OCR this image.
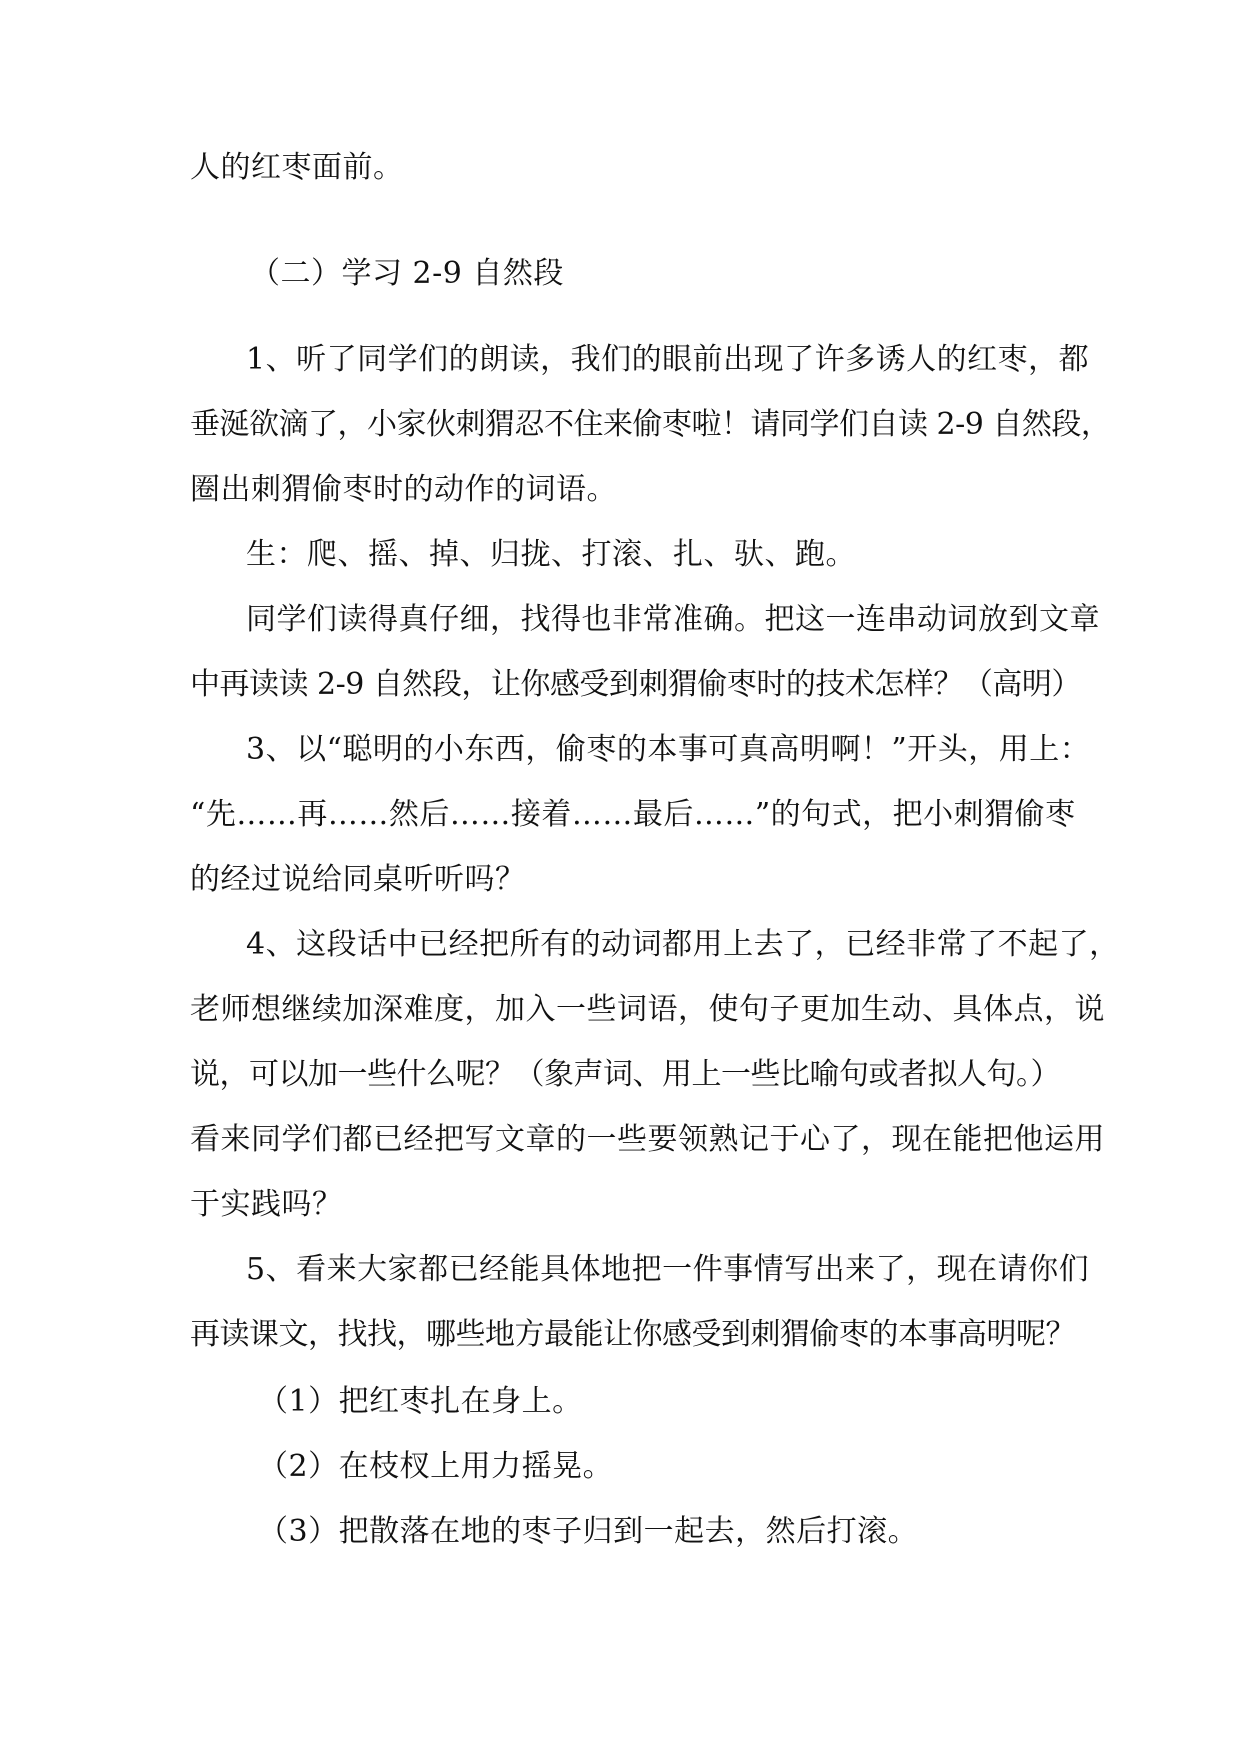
人的红枣面前。
（二）学习 2-9 自然段
1、听了同学们的朗读，我们的眼前出现了许多诱人的红枣，都
垂涎欲滴了，小家伙刺猬忍不住来偷枣啦！请同学们自读 2-9 自然段，
圈出刺猬偷枣时的动作的词语。
生：爬、摇、掉、归拢、打滚、扎、驮、跑。
同学们读得真仔细，找得也非常准确。把这一连串动词放到文章
中再读读 2-9 自然段，让你感受到刺猬偷枣时的技术怎样？（高明）
3、以“聪明的小东西，偷枣的本事可真高明啊！”开头，用上：
“先……再……然后……接着……最后……”的句式，把小刺猬偷枣
的经过说给同桌听听吗？
4、这段话中已经把所有的动词都用上去了，已经非常了不起了，
老师想继续加深难度，加入一些词语，使句子更加生动、具体点，说
说，可以加一些什么呢？（象声词、用上一些比喻句或者拟人句。）
看来同学们都已经把写文章的一些要领熟记于心了，现在能把他运用
于实践吗？
5、看来大家都已经能具体地把一件事情写出来了，现在请你们
再读课文，找找，哪些地方最能让你感受到刺猬偷枣的本事高明呢？
（1）把红枣扎在身上。
（2）在枝杈上用力摇晃。
（3）把散落在地的枣子归到一起去，然后打滚。
